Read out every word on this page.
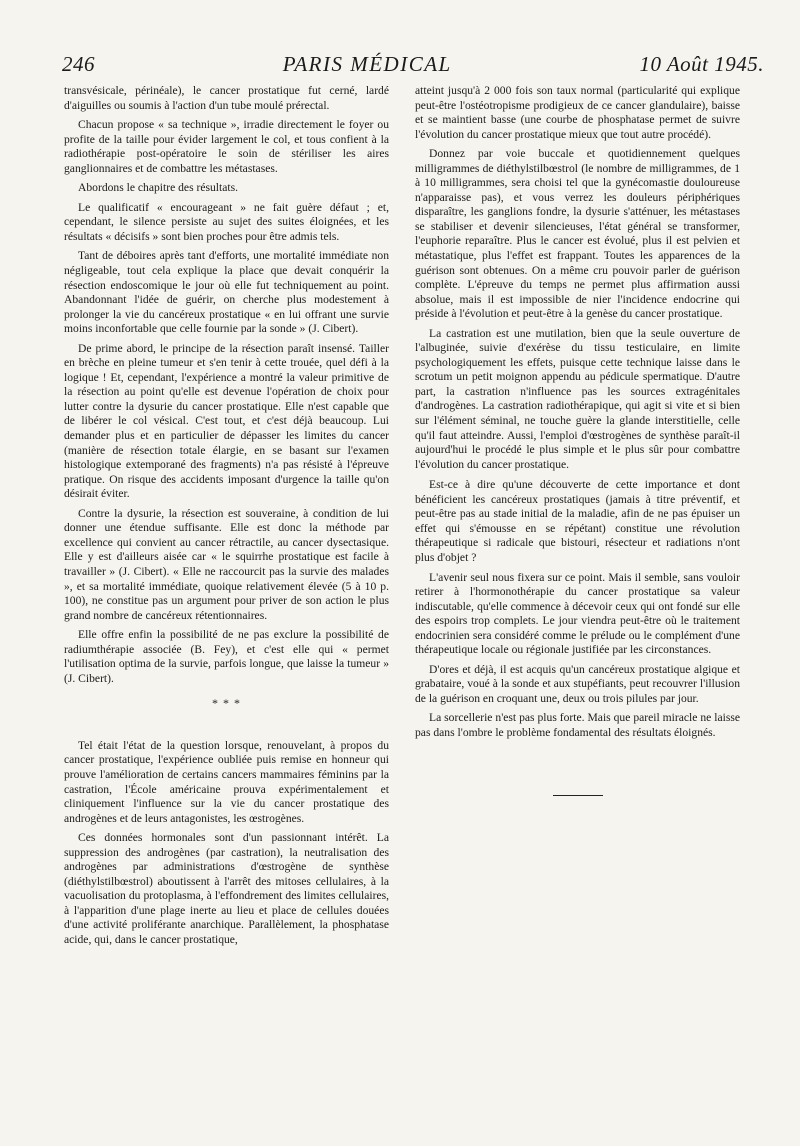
246	PARIS MÉDICAL	10 Août 1945.

transvésicale, périnéale), le cancer prostatique fut cerné, lardé d'aiguilles ou soumis à l'action d'un tube moulé prérectal.

Chacun propose « sa technique », irradie directement le foyer ou profite de la taille pour évider largement le col, et tous confient à la radiothérapie post-opératoire le soin de stériliser les aires ganglionnaires et de combattre les métastases.

Abordons le chapitre des résultats.

Le qualificatif « encourageant » ne fait guère défaut ; et, cependant, le silence persiste au sujet des suites éloignées, et les résultats « décisifs » sont bien proches pour être admis tels.

Tant de déboires après tant d'efforts, une mortalité immédiate non négligeable, tout cela explique la place que devait conquérir la résection endoscomique le jour où elle fut techniquement au point. Abandonnant l'idée de guérir, on cherche plus modestement à prolonger la vie du cancéreux prostatique « en lui offrant une survie moins inconfortable que celle fournie par la sonde » (J. Cibert).

De prime abord, le principe de la résection paraît insensé. Tailler en brèche en pleine tumeur et s'en tenir à cette trouée, quel défi à la logique ! Et, cependant, l'expérience a montré la valeur primitive de la résection au point qu'elle est devenue l'opération de choix pour lutter contre la dysurie du cancer prostatique. Elle n'est capable que de libérer le col vésical. C'est tout, et c'est déjà beaucoup. Lui demander plus et en particulier de dépasser les limites du cancer (manière de résection totale élargie, en se basant sur l'examen histologique extemporané des fragments) n'a pas résisté à l'épreuve pratique. On risque des accidents imposant d'urgence la taille qu'on désirait éviter.

Contre la dysurie, la résection est souveraine, à condition de lui donner une étendue suffisante. Elle est donc la méthode par excellence qui convient au cancer rétractile, au cancer dysectasique. Elle y est d'ailleurs aisée car « le squirrhe prostatique est facile à travailler » (J. Cibert). « Elle ne raccourcit pas la survie des malades », et sa mortalité immédiate, quoique relativement élevée (5 à 10 p. 100), ne constitue pas un argument pour priver de son action le plus grand nombre de cancéreux rétentionnaires.

Elle offre enfin la possibilité de ne pas exclure la possibilité de radiumthérapie associée (B. Fey), et c'est elle qui « permet l'utilisation optima de la survie, parfois longue, que laisse la tumeur » (J. Cibert).

* * *

Tel était l'état de la question lorsque, renouvelant, à propos du cancer prostatique, l'expérience oubliée puis remise en honneur qui prouve l'amélioration de certains cancers mammaires féminins par la castration, l'École américaine prouva expérimentalement et cliniquement l'influence sur la vie du cancer prostatique des androgènes et de leurs antagonistes, les œstrogènes.

Ces données hormonales sont d'un passionnant intérêt. La suppression des androgènes (par castration), la neutralisation des androgènes par administrations d'œstrogène de synthèse (diéthylstilbœstrol) aboutissent à l'arrêt des mitoses cellulaires, à la vacuolisation du protoplasma, à l'effondrement des limites cellulaires, à l'apparition d'une plage inerte au lieu et place de cellules douées d'une activité proliférante anarchique. Parallèlement, la phosphatase acide, qui, dans le cancer prostatique,

atteint jusqu'à 2 000 fois son taux normal (particularité qui explique peut-être l'ostéotropisme prodigieux de ce cancer glandulaire), baisse et se maintient basse (une courbe de phosphatase permet de suivre l'évolution du cancer prostatique mieux que tout autre procédé).

Donnez par voie buccale et quotidiennement quelques milligrammes de diéthylstilbœstrol (le nombre de milligrammes, de 1 à 10 milligrammes, sera choisi tel que la gynécomastie douloureuse n'apparaisse pas), et vous verrez les douleurs périphériques disparaître, les ganglions fondre, la dysurie s'atténuer, les métastases se stabiliser et devenir silencieuses, l'état général se transformer, l'euphorie reparaître. Plus le cancer est évolué, plus il est pelvien et métastatique, plus l'effet est frappant. Toutes les apparences de la guérison sont obtenues. On a même cru pouvoir parler de guérison complète. L'épreuve du temps ne permet plus affirmation aussi absolue, mais il est impossible de nier l'incidence endocrine qui préside à l'évolution et peut-être à la genèse du cancer prostatique.

La castration est une mutilation, bien que la seule ouverture de l'albuginée, suivie d'exérèse du tissu testiculaire, en limite psychologiquement les effets, puisque cette technique laisse dans le scrotum un petit moignon appendu au pédicule spermatique. D'autre part, la castration n'influence pas les sources extragénitales d'androgènes. La castration radiothérapique, qui agit si vite et si bien sur l'élément séminal, ne touche guère la glande interstitielle, celle qu'il faut atteindre. Aussi, l'emploi d'œstrogènes de synthèse paraît-il aujourd'hui le procédé le plus simple et le plus sûr pour combattre l'évolution du cancer prostatique.

Est-ce à dire qu'une découverte de cette importance et dont bénéficient les cancéreux prostatiques (jamais à titre préventif, et peut-être pas au stade initial de la maladie, afin de ne pas épuiser un effet qui s'émousse en se répétant) constitue une révolution thérapeutique si radicale que bistouri, résecteur et radiations n'ont plus d'objet ?

L'avenir seul nous fixera sur ce point. Mais il semble, sans vouloir retirer à l'hormonothérapie du cancer prostatique sa valeur indiscutable, qu'elle commence à décevoir ceux qui ont fondé sur elle des espoirs trop complets. Le jour viendra peut-être où le traitement endocrinien sera considéré comme le prélude ou le complément d'une thérapeutique locale ou régionale justifiée par les circonstances.

D'ores et déjà, il est acquis qu'un cancéreux prostatique algique et grabataire, voué à la sonde et aux stupéfiants, peut recouvrer l'illusion de la guérison en croquant une, deux ou trois pilules par jour.

La sorcellerie n'est pas plus forte. Mais que pareil miracle ne laisse pas dans l'ombre le problème fondamental des résultats éloignés.
